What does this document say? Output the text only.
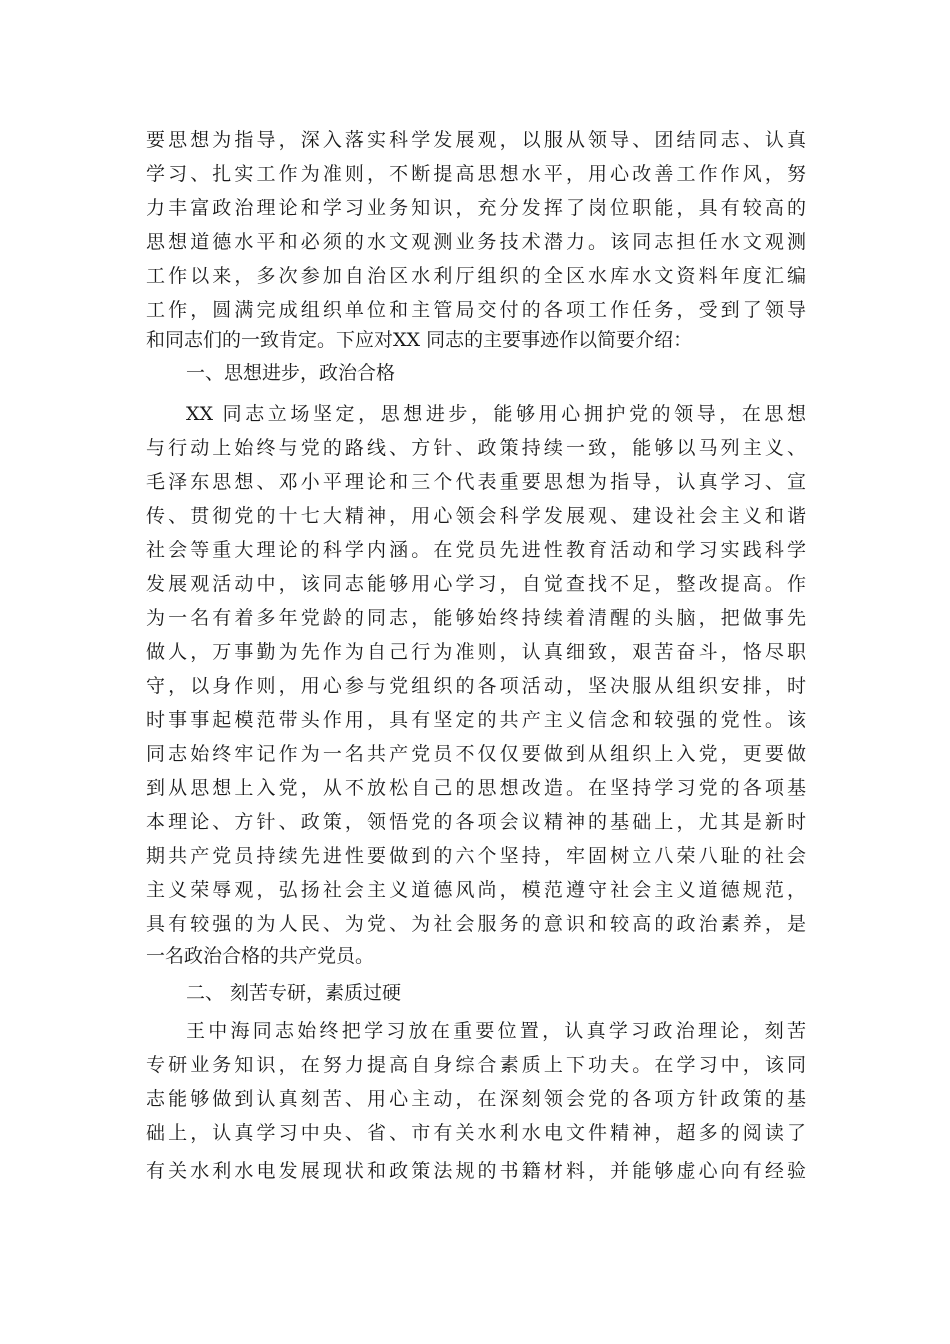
要思想为指导，深入落实科学发展观，以服从领导、团结同志、认真
学习、扎实工作为准则，不断提高思想水平，用心改善工作作风，努
力丰富政治理论和学习业务知识，充分发挥了岗位职能，具有较高的
思想道德水平和必须的水文观测业务技术潜力。该同志担任水文观测
工作以来，多次参加自治区水利厅组织的全区水库水文资料年度汇编
工作，圆满完成组织单位和主管局交付的各项工作任务，受到了领导
和同志们的一致肯定。下应对XX 同志的主要事迹作以简要介绍：
一、思想进步，政治合格
XX 同志立场坚定，思想进步，能够用心拥护党的领导，在思想
与行动上始终与党的路线、方针、政策持续一致，能够以马列主义、
毛泽东思想、邓小平理论和三个代表重要思想为指导，认真学习、宣
传、贯彻党的十七大精神，用心领会科学发展观、建设社会主义和谐
社会等重大理论的科学内涵。在党员先进性教育活动和学习实践科学
发展观活动中，该同志能够用心学习，自觉查找不足，整改提高。作
为一名有着多年党龄的同志，能够始终持续着清醒的头脑，把做事先
做人，万事勤为先作为自己行为准则，认真细致，艰苦奋斗，恪尽职
守，以身作则，用心参与党组织的各项活动，坚决服从组织安排，时
时事事起模范带头作用，具有坚定的共产主义信念和较强的党性。该
同志始终牢记作为一名共产党员不仅仅要做到从组织上入党，更要做
到从思想上入党，从不放松自己的思想改造。在坚持学习党的各项基
本理论、方针、政策，领悟党的各项会议精神的基础上，尤其是新时
期共产党员持续先进性要做到的六个坚持，牢固树立八荣八耻的社会
主义荣辱观，弘扬社会主义道德风尚，模范遵守社会主义道德规范，
具有较强的为人民、为党、为社会服务的意识和较高的政治素养，是
一名政治合格的共产党员。
二、 刻苦专研，素质过硬
王中海同志始终把学习放在重要位置，认真学习政治理论，刻苦
专研业务知识，在努力提高自身综合素质上下功夫。在学习中，该同
志能够做到认真刻苦、用心主动，在深刻领会党的各项方针政策的基
础上，认真学习中央、省、市有关水利水电文件精神，超多的阅读了
有关水利水电发展现状和政策法规的书籍材料，并能够虚心向有经验
